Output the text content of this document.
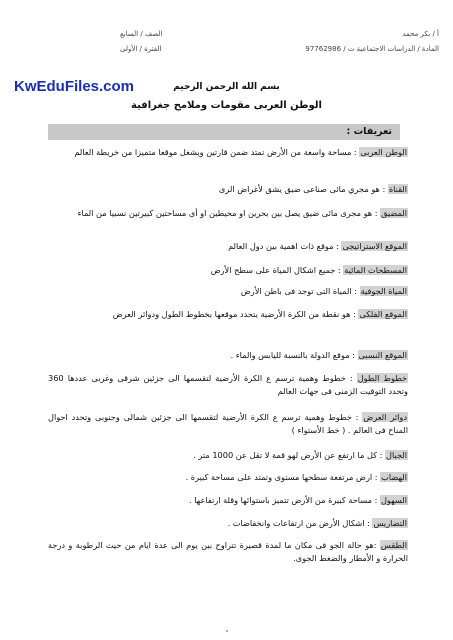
أ / بكر محمد
الصف / السابع
المادة / الدراسات الاجتماعية ت / 97762986
الفترة / الأولى
KwEduFiles.com	بسم الله الرحمن الرحيم
الوطن العربى مقومات وملامح جغرافية
تعريفات :
الوطن العربى : مساحة واسعة من الأرض تمتد ضمن قارتين ويشغل موقعا متميزا من خريطة العالم
القناة : هو مجري مائى صناعى ضيق يشق لأغراض الرى
المضيق : هو مجرى مائى ضيق يصل بين بحرين او محيطين او أى مساحتين كبيرتين نسبيا من الماء
الموقع الاستراتيجى : موقع ذات اهمية بين دول العالم
المسطحات المائية : جميع اشكال المياة على سطح الأرض
المياة الجوفية : المياة التى توجد فى باطن الأرض
الموقع الفلكى : هو نقطة من الكرة الأرضية يتحدد موقعها بخطوط الطول ودوائر العرض
الموقع النسبى : موقع الدولة بالنسبة لليابس والماء .
خطوط الطول : خطوط وهمية ترسم ع الكرة الأرضية لتقسمها الى جزئين شرقى وغربى عددها 360 وتحدد التوقيت الزمنى فى جهات العالم
دوائر العرض : خطوط وهمية ترسم ع الكرة الأرضية لتقسمها الى جزئين شمالى وجنوبى وتحدد احوال المناخ فى العالم . ( خط الأستواء )
الجبال : كل ما ارتفع عن الأرض لهو قمة لا تقل عن 1000 متر .
الهضاب : ارض مرتفعة سطحها مستوى وتمتد على مساحة كبيرة .
السهول : مساحة كبيرة من الأرض تتميز باستوائها وقلة ارتفاعها .
التضاريس : اشكال الأرض من ارتفاعات وانخفاضات .
الطقس :هو حالة الجو فى مكان ما لمدة قصيرة تتراوح بين يوم الى عدة ايام من حيث الرطوبة و درجة الحرارة و الأمطار والضغط الجوى.
